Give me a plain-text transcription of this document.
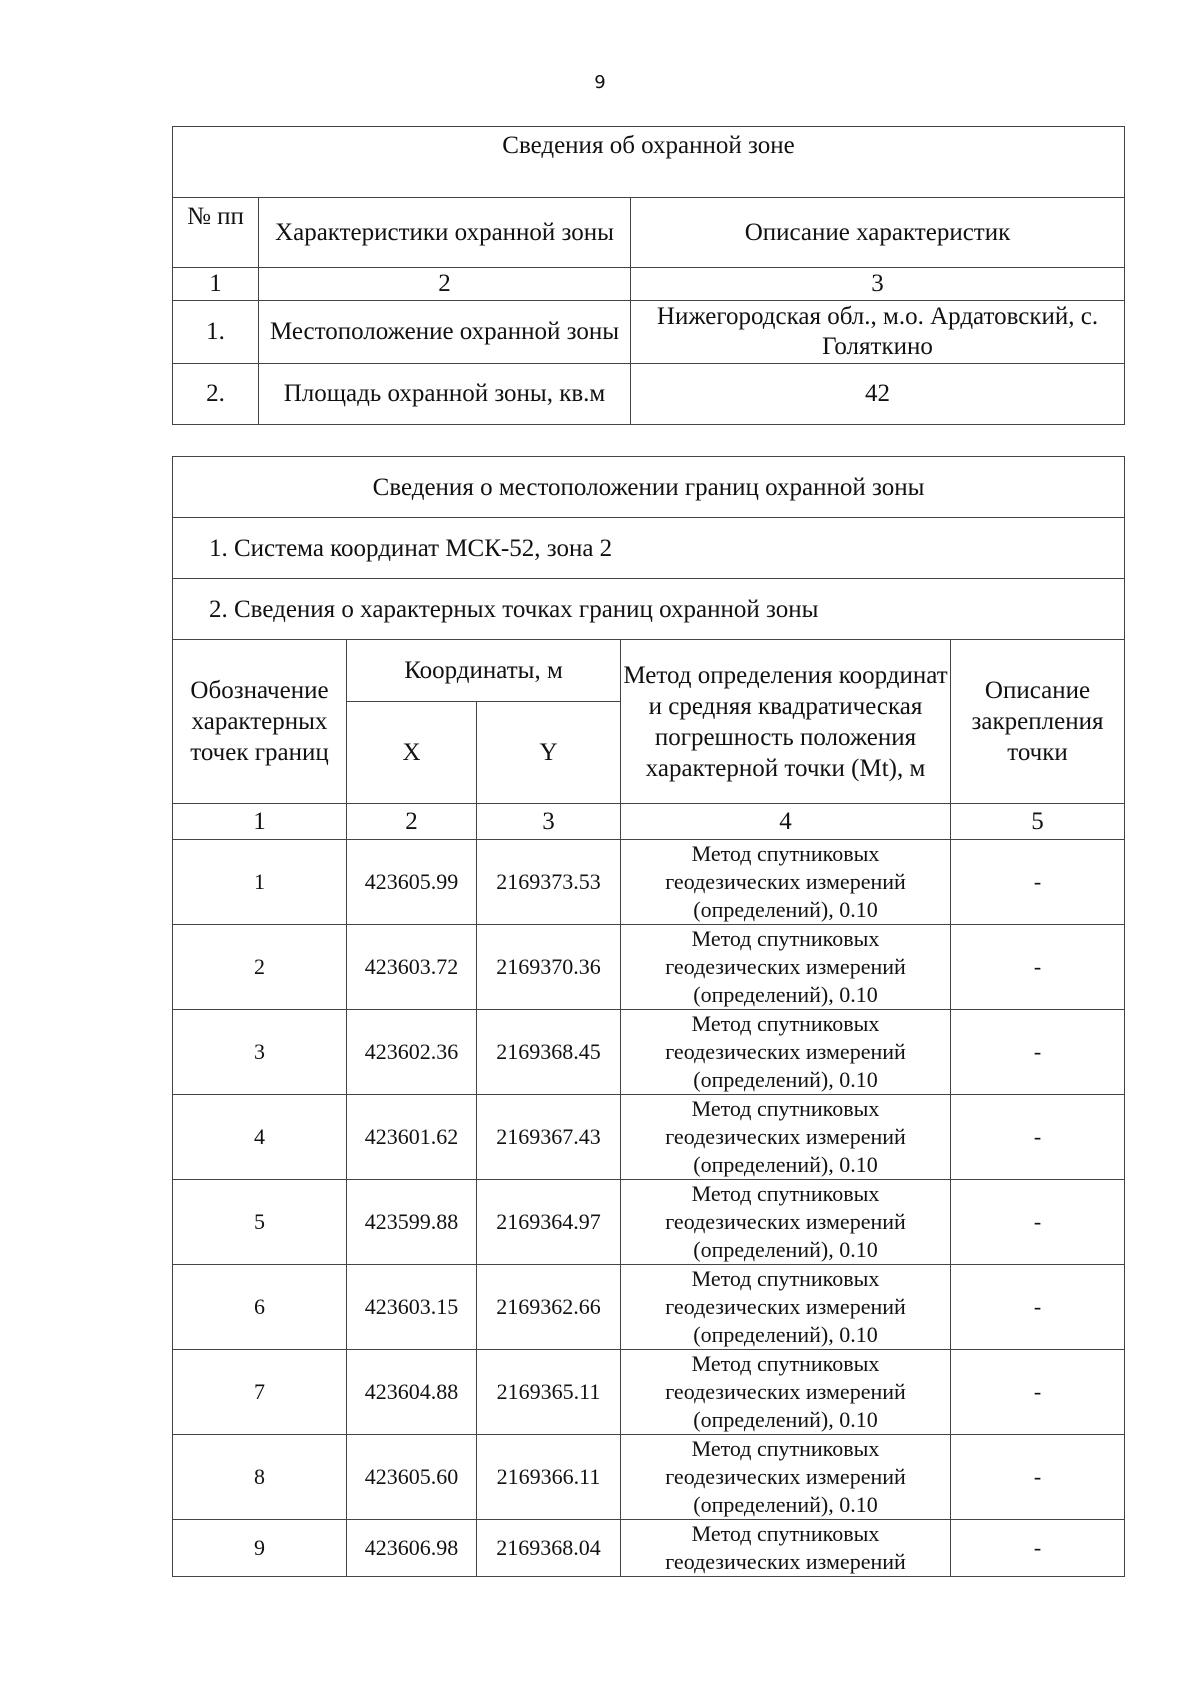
9
Сведения об охранной зоне		
№ пп	Характеристики охранной зоны	Описание характеристик
1	2	3
1.	Местоположение охранной зоны	Нижегородская обл., м.о. Ардатовский, с. Голяткино
2.	Площадь охранной зоны, кв.м	42
Сведения о местоположении границ охранной зоны				
1. Система координат МСК-52, зона 2				
2. Сведения о характерных точках границ охранной зоны				
Обозначение характерных точек границ	Координаты, м		Метод определения координат и средняя квадратическая погрешность положения характерной точки (Mt), м	Описание закрепления точки
	X	Y		
1	2	3	4	5
1	423605.99	2169373.53	Метод спутниковых геодезических измерений (определений), 0.10	-
2	423603.72	2169370.36	Метод спутниковых геодезических измерений (определений), 0.10	-
3	423602.36	2169368.45	Метод спутниковых геодезических измерений (определений), 0.10	-
4	423601.62	2169367.43	Метод спутниковых геодезических измерений (определений), 0.10	-
5	423599.88	2169364.97	Метод спутниковых геодезических измерений (определений), 0.10	-
6	423603.15	2169362.66	Метод спутниковых геодезических измерений (определений), 0.10	-
7	423604.88	2169365.11	Метод спутниковых геодезических измерений (определений), 0.10	-
8	423605.60	2169366.11	Метод спутниковых геодезических измерений (определений), 0.10	-
9	423606.98	2169368.04	Метод спутниковых геодезических измерений	-
